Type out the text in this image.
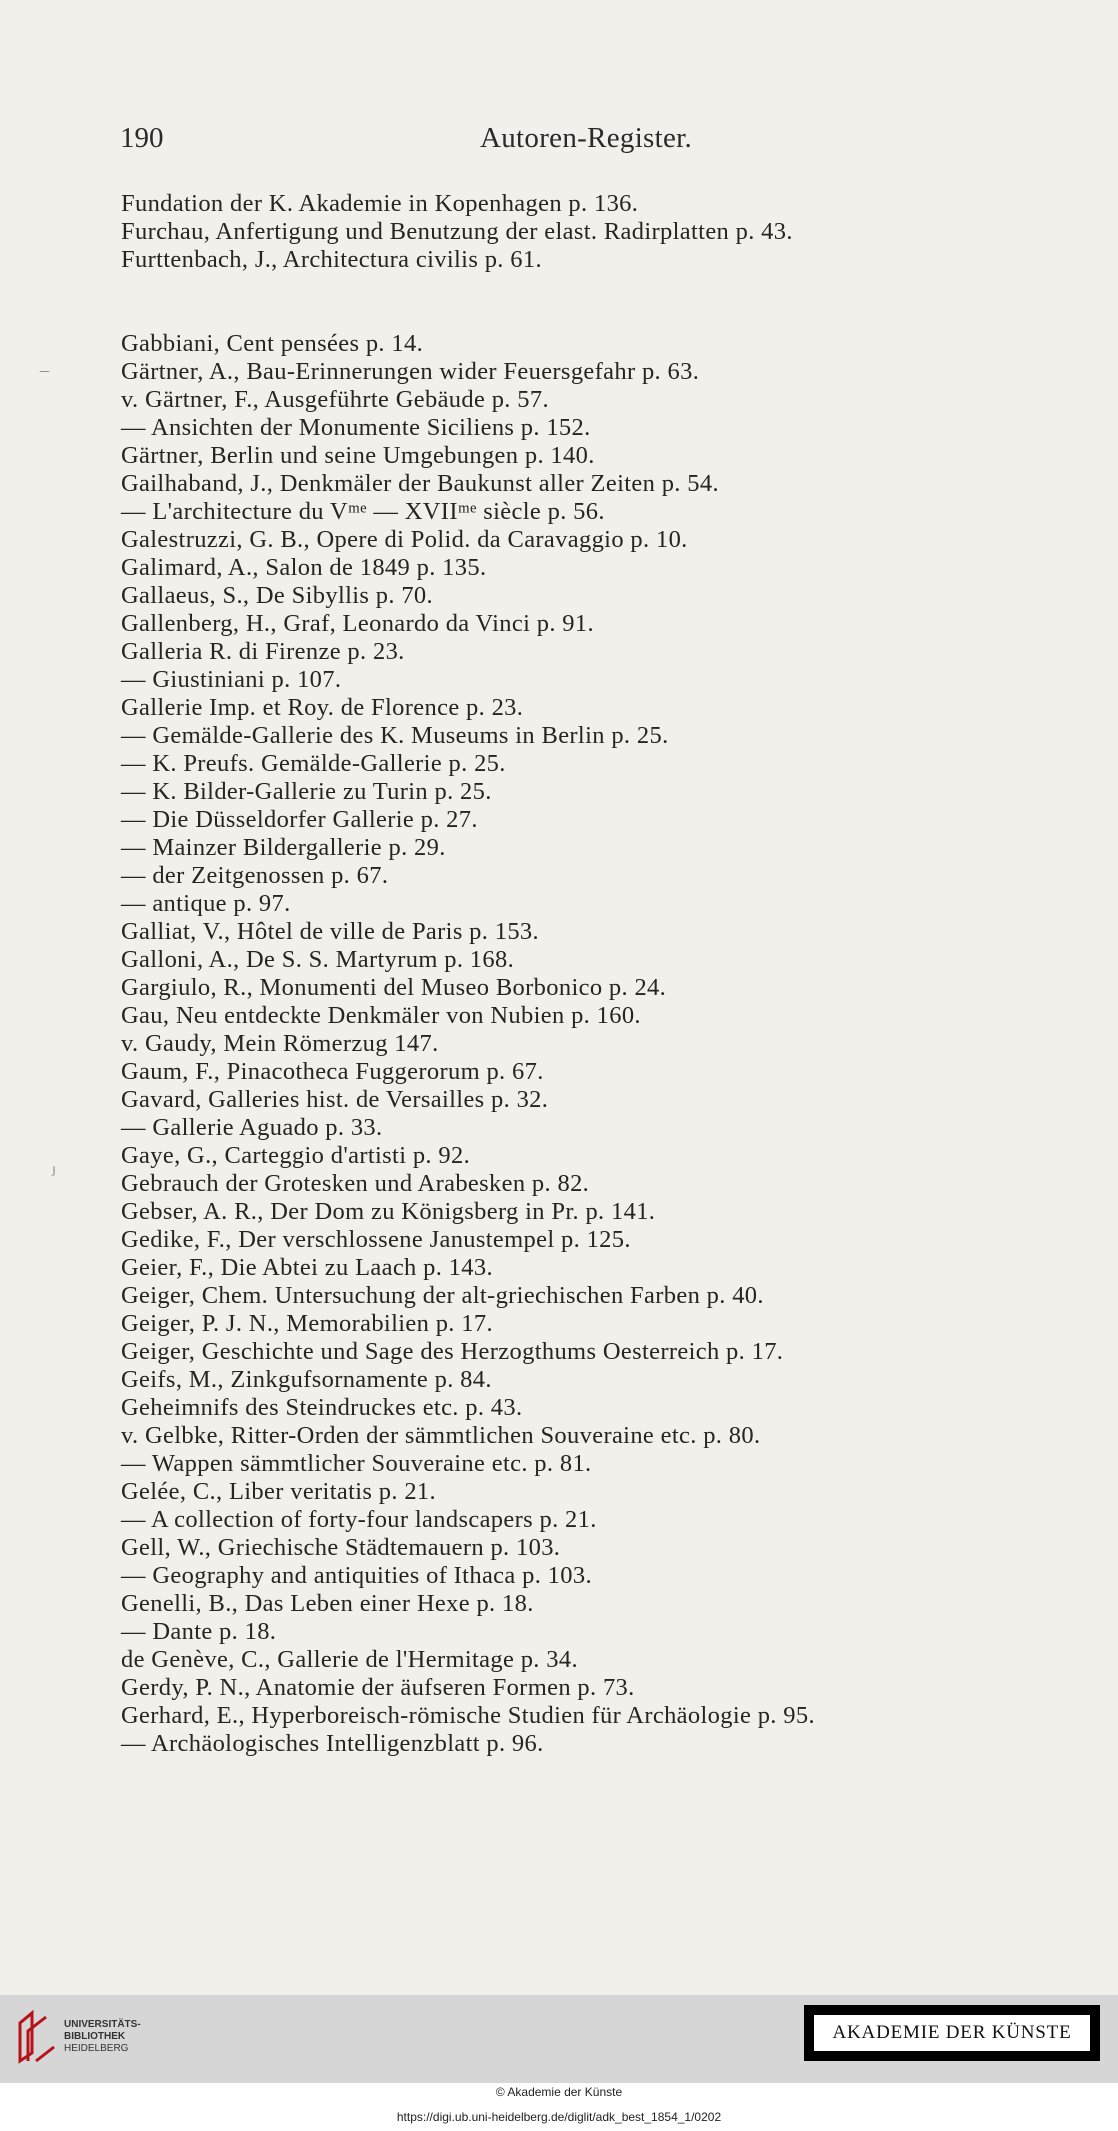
190	Autoren-Register.
Fundation der K. Akademie in Kopenhagen p. 136.
Furchau, Anfertigung und Benutzung der elast. Radirplatten p. 43.
Furttenbach, J., Architectura civilis p. 61.
Gabbiani, Cent pensées p. 14.
Gärtner, A., Bau-Erinnerungen wider Feuersgefahr p. 63.
v. Gärtner, F., Ausgeführte Gebäude p. 57.
— Ansichten der Monumente Siciliens p. 152.
Gärtner, Berlin und seine Umgebungen p. 140.
Gailhaband, J., Denkmäler der Baukunst aller Zeiten p. 54.
— L'architecture du Vᵐᵉ — XVIIᵐᵉ siècle p. 56.
Galestruzzi, G. B., Opere di Polid. da Caravaggio p. 10.
Galimard, A., Salon de 1849 p. 135.
Gallaeus, S., De Sibyllis p. 70.
Gallenberg, H., Graf, Leonardo da Vinci p. 91.
Galleria R. di Firenze p. 23.
— Giustiniani p. 107.
Gallerie Imp. et Roy. de Florence p. 23.
— Gemälde-Gallerie des K. Museums in Berlin p. 25.
— K. Preufs. Gemälde-Gallerie p. 25.
— K. Bilder-Gallerie zu Turin p. 25.
— Die Düsseldorfer Gallerie p. 27.
— Mainzer Bildergallerie p. 29.
— der Zeitgenossen p. 67.
— antique p. 97.
Galliat, V., Hôtel de ville de Paris p. 153.
Galloni, A., De S. S. Martyrum p. 168.
Gargiulo, R., Monumenti del Museo Borbonico p. 24.
Gau, Neu entdeckte Denkmäler von Nubien p. 160.
v. Gaudy, Mein Römerzug 147.
Gaum, F., Pinacotheca Fuggerorum p. 67.
Gavard, Galleries hist. de Versailles p. 32.
— Gallerie Aguado p. 33.
Gaye, G., Carteggio d'artisti p. 92.
Gebrauch der Grotesken und Arabesken p. 82.
Gebser, A. R., Der Dom zu Königsberg in Pr. p. 141.
Gedike, F., Der verschlossene Janustempel p. 125.
Geier, F., Die Abtei zu Laach p. 143.
Geiger, Chem. Untersuchung der alt-griechischen Farben p. 40.
Geiger, P. J. N., Memorabilien p. 17.
Geiger, Geschichte und Sage des Herzogthums Oesterreich p. 17.
Geifs, M., Zinkgufsornamente p. 84.
Geheimnifs des Steindruckes etc. p. 43.
v. Gelbke, Ritter-Orden der sämmtlichen Souveraine etc. p. 80.
— Wappen sämmtlicher Souveraine etc. p. 81.
Gelée, C., Liber veritatis p. 21.
— A collection of forty-four landscapers p. 21.
Gell, W., Griechische Städtemauern p. 103.
— Geography and antiquities of Ithaca p. 103.
Genelli, B., Das Leben einer Hexe p. 18.
— Dante p. 18.
de Genève, C., Gallerie de l'Hermitage p. 34.
Gerdy, P. N., Anatomie der äufseren Formen p. 73.
Gerhard, E., Hyperboreisch-römische Studien für Archäologie p. 95.
— Archäologisches Intelligenzblatt p. 96.
–
ȷ
UNIVERSITÄTS-
BIBLIOTHEK
HEIDELBERG
AKADEMIE DER KÜNSTE
© Akademie der Künste
https://digi.ub.uni-heidelberg.de/diglit/adk_best_1854_1/0202
